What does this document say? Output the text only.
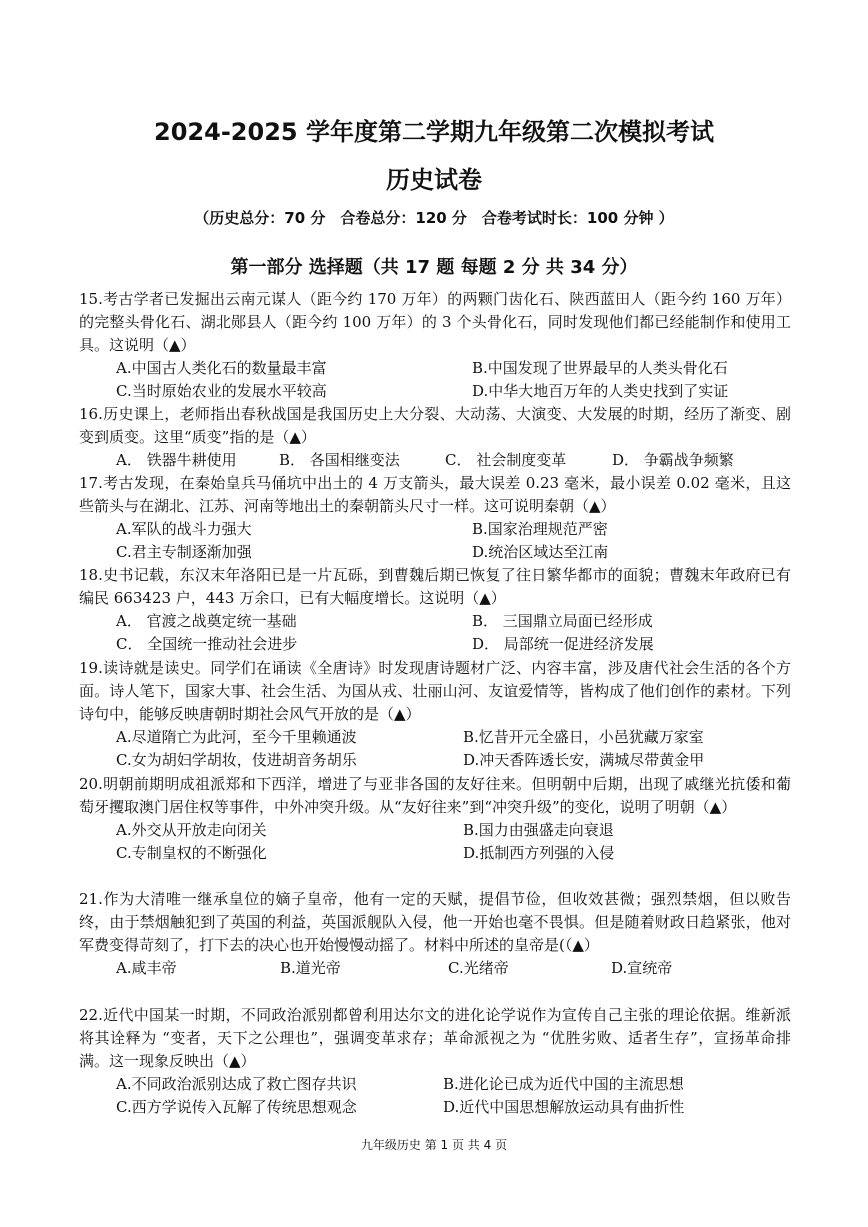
2024-2025 学年度第二学期九年级第二次模拟考试
历史试卷
（历史总分：70 分　合卷总分：120 分　合卷考试时长：100 分钟 ）
第一部分 选择题（共 17 题 每题 2 分 共 34 分）

15.考古学者已发掘出云南元谋人（距今约 170 万年）的两颗门齿化石、陕西蓝田人（距今约 160 万年）的完整头骨化石、湖北郧县人（距今约 100 万年）的 3 个头骨化石，同时发现他们都已经能制作和使用工具。这说明（▲）

A.中国古人类化石的数量最丰富	B.中国发现了世界最早的人类头骨化石
C.当时原始农业的发展水平较高	D.中华大地百万年的人类史找到了实证

16.历史课上，老师指出春秋战国是我国历史上大分裂、大动荡、大演变、大发展的时期，经历了渐变、剧变到质变。这里“质变”指的是（▲）

A． 铁器牛耕使用	B． 各国相继变法	C． 社会制度变革	D． 争霸战争频繁

17.考古发现，在秦始皇兵马俑坑中出土的 4 万支箭头，最大误差 0.23 毫米，最小误差 0.02 毫米，且这些箭头与在湖北、江苏、河南等地出土的秦朝箭头尺寸一样。这可说明秦朝（▲）

A.军队的战斗力强大	B.国家治理规范严密
C.君主专制逐渐加强	D.统治区域达至江南

18.史书记载，东汉末年洛阳已是一片瓦砾，到曹魏后期已恢复了往日繁华都市的面貌；曹魏末年政府已有编民 663423 户，443 万余口，已有大幅度增长。这说明（▲）

A． 官渡之战奠定统一基础	B． 三国鼎立局面已经形成
C． 全国统一推动社会进步	D． 局部统一促进经济发展

19.读诗就是读史。同学们在诵读《全唐诗》时发现唐诗题材广泛、内容丰富，涉及唐代社会生活的各个方面。诗人笔下，国家大事、社会生活、为国从戎、壮丽山河、友谊爱情等，皆构成了他们创作的素材。下列诗句中，能够反映唐朝时期社会风气开放的是（▲）

A.尽道隋亡为此河，至今千里赖通波	B.忆昔开元全盛日，小邑犹藏万家室
C.女为胡妇学胡妆，伎进胡音务胡乐	D.冲天香阵透长安，满城尽带黄金甲

20.明朝前期明成祖派郑和下西洋，增进了与亚非各国的友好往来。但明朝中后期，出现了戚继光抗倭和葡萄牙攫取澳门居住权等事件，中外冲突升级。从“友好往来”到“冲突升级”的变化，说明了明朝（▲）

A.外交从开放走向闭关	B.国力由强盛走向衰退
C.专制皇权的不断强化	D.抵制西方列强的入侵

21.作为大清唯一继承皇位的嫡子皇帝，他有一定的天赋，提倡节俭，但收效甚微；强烈禁烟，但以败告终，由于禁烟触犯到了英国的利益，英国派舰队入侵，他一开始也毫不畏惧。但是随着财政日趋紧张，他对军费变得苛刻了，打下去的决心也开始慢慢动摇了。材料中所述的皇帝是(（▲）

A.咸丰帝	B.道光帝	C.光绪帝	D.宣统帝

22.近代中国某一时期，不同政治派别都曾利用达尔文的进化论学说作为宣传自己主张的理论依据。维新派将其诠释为 “变者，天下之公理也”，强调变革求存；革命派视之为 “优胜劣败、适者生存”，宣扬革命排满。这一现象反映出（▲）

A.不同政治派别达成了救亡图存共识	B.进化论已成为近代中国的主流思想
C.西方学说传入瓦解了传统思想观念	D.近代中国思想解放运动具有曲折性
九年级历史 第 1 页 共 4 页
